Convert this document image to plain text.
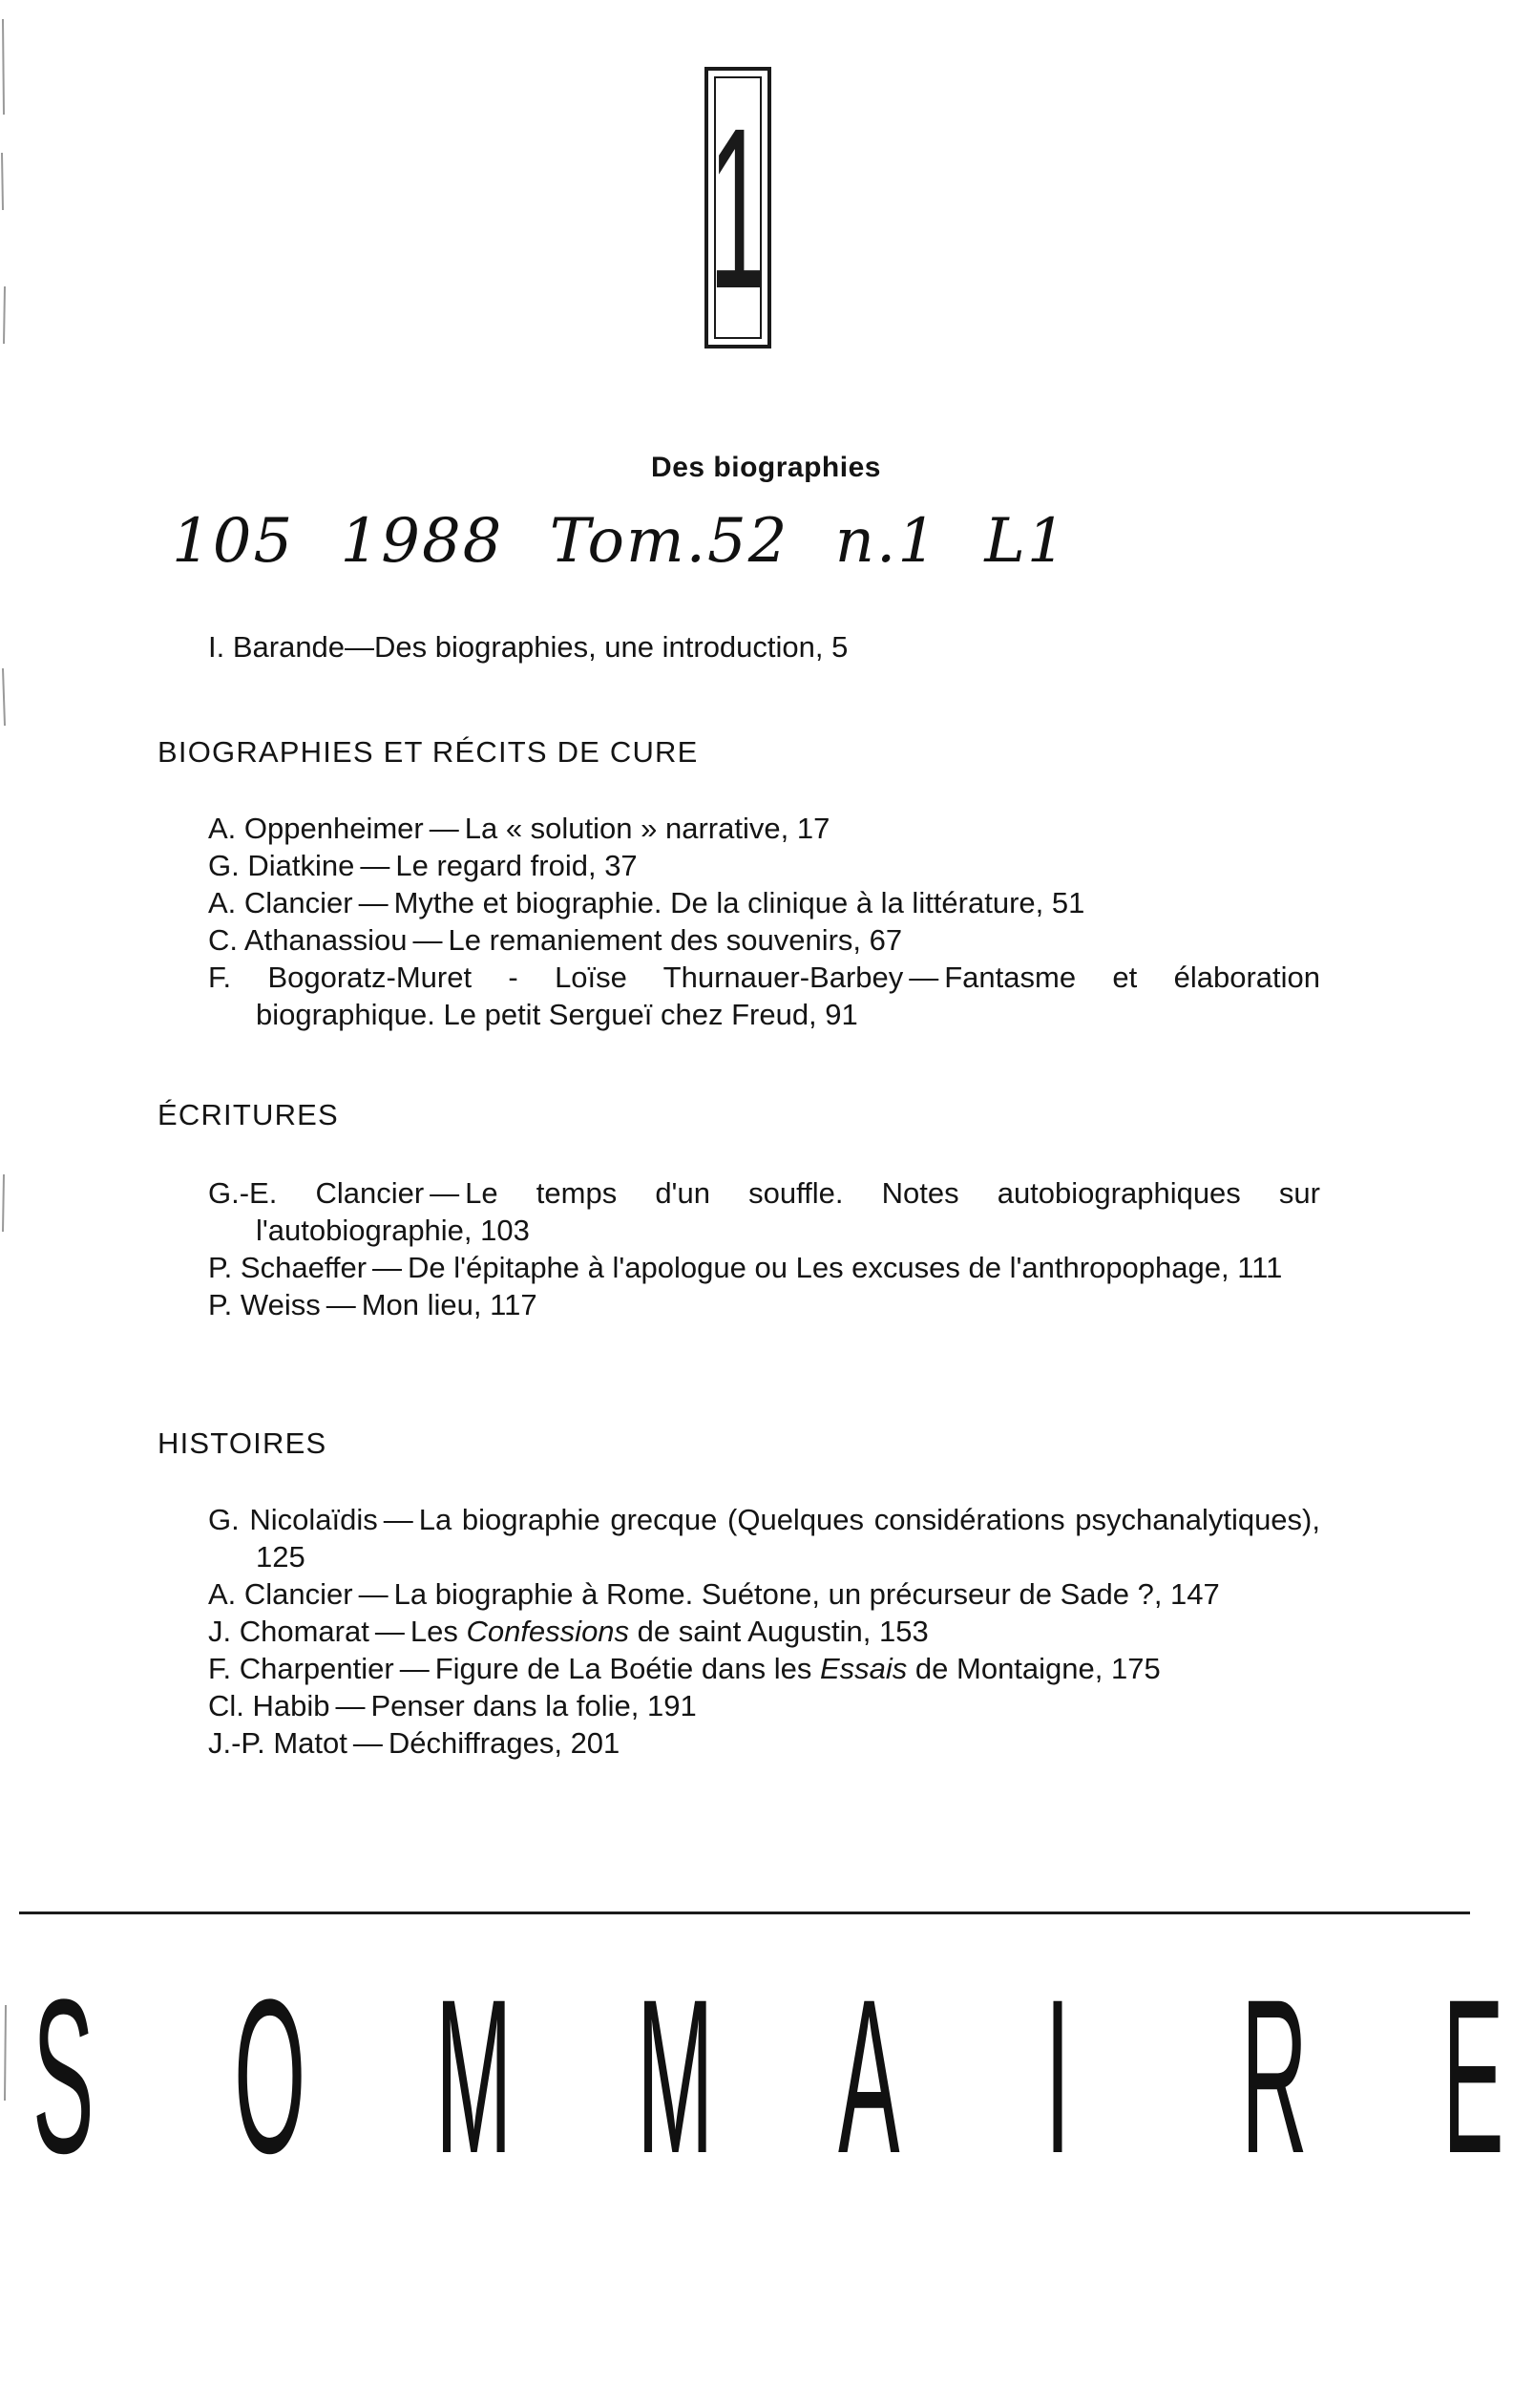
1
Des biographies
105 1988 Tom.52 n.1 L1
I. Barande—Des biographies, une introduction, 5
BIOGRAPHIES ET RÉCITS DE CURE
A. Oppenheimer — La « solution » narrative, 17
G. Diatkine — Le regard froid, 37
A. Clancier — Mythe et biographie. De la clinique à la littérature, 51
C. Athanassiou — Le remaniement des souvenirs, 67
F. Bogoratz-Muret - Loïse Thurnauer-Barbey — Fantasme et élaboration biographique. Le petit Sergueï chez Freud, 91
ÉCRITURES
G.-E. Clancier — Le temps d'un souffle. Notes autobiographiques sur l'autobiographie, 103
P. Schaeffer — De l'épitaphe à l'apologue ou Les excuses de l'anthropophage, 111
P. Weiss — Mon lieu, 117
HISTOIRES
G. Nicolaïdis — La biographie grecque (Quelques considérations psychanalytiques), 125
A. Clancier — La biographie à Rome. Suétone, un précurseur de Sade ?, 147
J. Chomarat — Les Confessions de saint Augustin, 153
F. Charpentier — Figure de La Boétie dans les Essais de Montaigne, 175
Cl. Habib — Penser dans la folie, 191
J.-P. Matot — Déchiffrages, 201
S O M M A I R E
